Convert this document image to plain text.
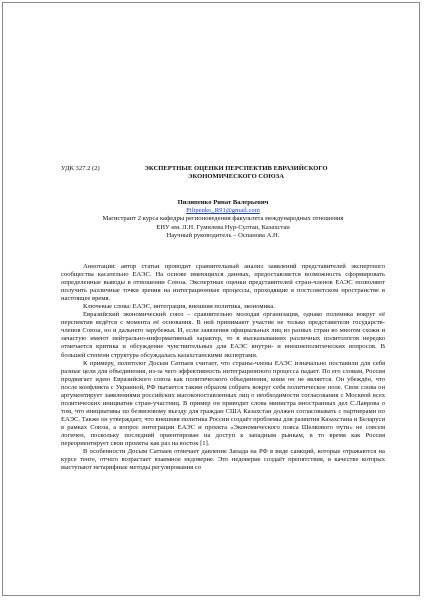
УДК 327.2 (2)	ЭКСПЕРТНЫЕ ОЦЕНКИ ПЕРСПЕКТИВ ЕВРАЗИЙСКОГО
ЭКОНОМИЧЕСКОГО СОЮЗА
Пилипенко Ринат Валерьевич
Pilipenko_R91@gmail.com
Магистрант 2 курса кафедры регионоведения факультета международных отношения
ЕНУ им. Л.Н. Гумилева Нур-Султан, Казахстан
Научный руководитель – Оспанова А.Н.

Аннотация: автор статьи проводит сравнительный анализ заявлений представителей экспертного сообщества касательно ЕАЭС. На основе имеющихся данных, предоставляется возможность сформировать определенные выводы в отношении Союза. Экспертные оценки представителей стран-членов ЕАЭС позволяют получить различные точки зрения на интеграционные процессы, проходящие в постсоветском пространстве в настоящее время.

Ключевые слова: ЕАЭС, интеграция, внешняя политика, экономика.

Евразийский экономический союз – сравнительно молодая организация, однако полемика вокруг её перспектив ведётся с момента её основания. В ней принимают участие не только представители государств-членов Союза, но и дальнего зарубежья. И, если заявления официальных лиц из разных стран во многом схожи и зачастую имеют нейтрально-информативный характер, то в высказываниях различных политологов нередко отмечается критика и обсуждение чувствительных для ЕАЭС внутри- и внешнеполитических вопросов. В большей степени структура обсуждалась казахстанскими экспертами.

К примеру, политолог Досым Сатпаев считает, что страны-члены ЕАЭС изначально поставили для себя разные цели для объединения, из-за чего эффективность интеграционного процесса падает. По его словам, Россия продвигает идею Евразийского союза как политического объединения, коим он не является. Он убеждён, что после конфликта с Украиной, РФ пытается таким образом собрать вокруг себя политическое поле. Свои слова он аргументирует заявлениями российских высокопоставленных лиц о необходимости согласования с Москвой всех политических инициатив стран-участниц. В пример он приводит слова министра иностранных дел С.Лаврова о том, что инициативы по безвизовому въезду для граждан США Казахстан должен согласовывать с партнерами по ЕАЭС. Также он утверждает, что внешняя политика России создаёт проблемы для развития Казахстана и Беларуси в рамках Союза, а вопрос интеграции ЕАЭС и проекта «Экономического пояса Шелкового пути» не совсем логичен, поскольку последний ориентирован на доступ к западным рынкам, в то время как Россия переориентирует свои проекты как раз на восток [1].

В особенности Досым Сатпаев отмечает давление Запада на РФ в виде санкций, которые отражаются на курсе тенге, отчего возрастает взаимное недоверие. Это недоверие создаёт препятствия, в качестве которых выступают нетарифные методы регулирования со
